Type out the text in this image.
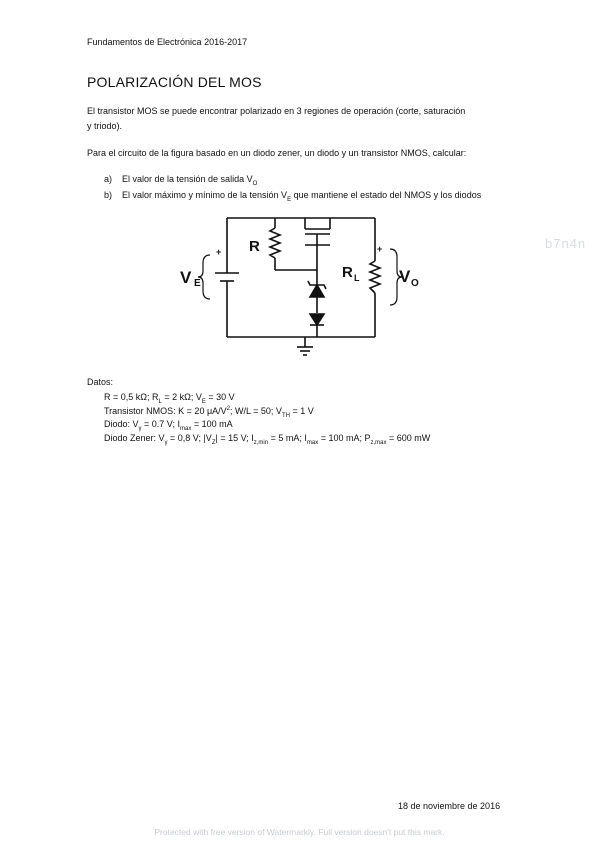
Fundamentos de Electrónica 2016-2017
POLARIZACIÓN DEL MOS
El transistor MOS se puede encontrar polarizado en 3 regiones de operación (corte, saturación
y triodo).
Para el circuito de la figura basado en un diodo zener, un diodo y un transistor NMOS, calcular:
a)	El valor de la tensión de salida $V_O$
b)	El valor máximo y mínimo de la tensión $V_E$ que mantiene el estado del NMOS y los diodos
R
R L
V E	V O
+	+	b7n4n
Datos:
R = 0,5 kΩ; $R_L = 2$ kΩ; $V_E = 30$ V
Transistor NMOS: K = 20 $\mu A/V^2$; W/L = 50; $V_{TH} = 1$ V
Diodo: $V_\gamma = 0.7$ V; $I_{max} = 100$ mA
Diodo Zener: $V_\gamma = 0,8$ V; $|V_Z| = 15$ V; $I_{z,min} = 5$ mA; $I_{max} = 100$ mA; $P_{z,max} = 600$ mW
18 de noviembre de 2016
Protected with free version of Watermarkly. Full version doesn't put this mark.
